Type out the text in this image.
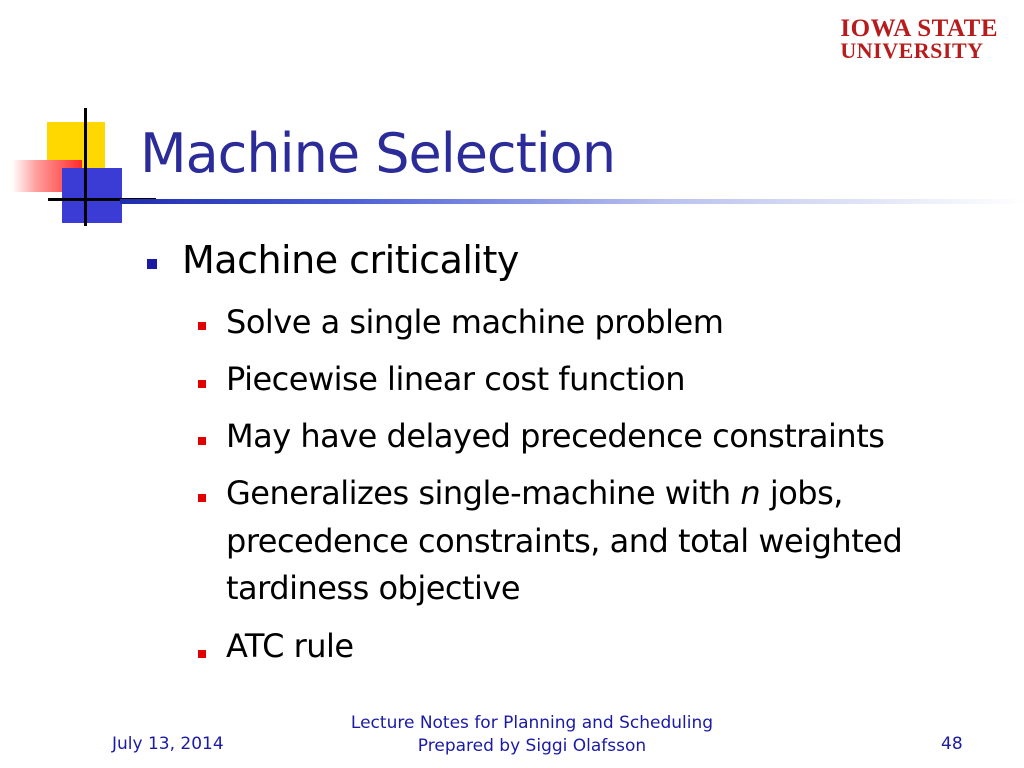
IOWA STATE
UNIVERSITY
Machine Selection
Machine criticality
Solve a single machine problem
Piecewise linear cost function
May have delayed precedence constraints
Generalizes single-machine with n jobs,
precedence constraints, and total weighted
tardiness objective
ATC rule
July 13, 2014
Lecture Notes for Planning and Scheduling
Prepared by Siggi Olafsson	48
